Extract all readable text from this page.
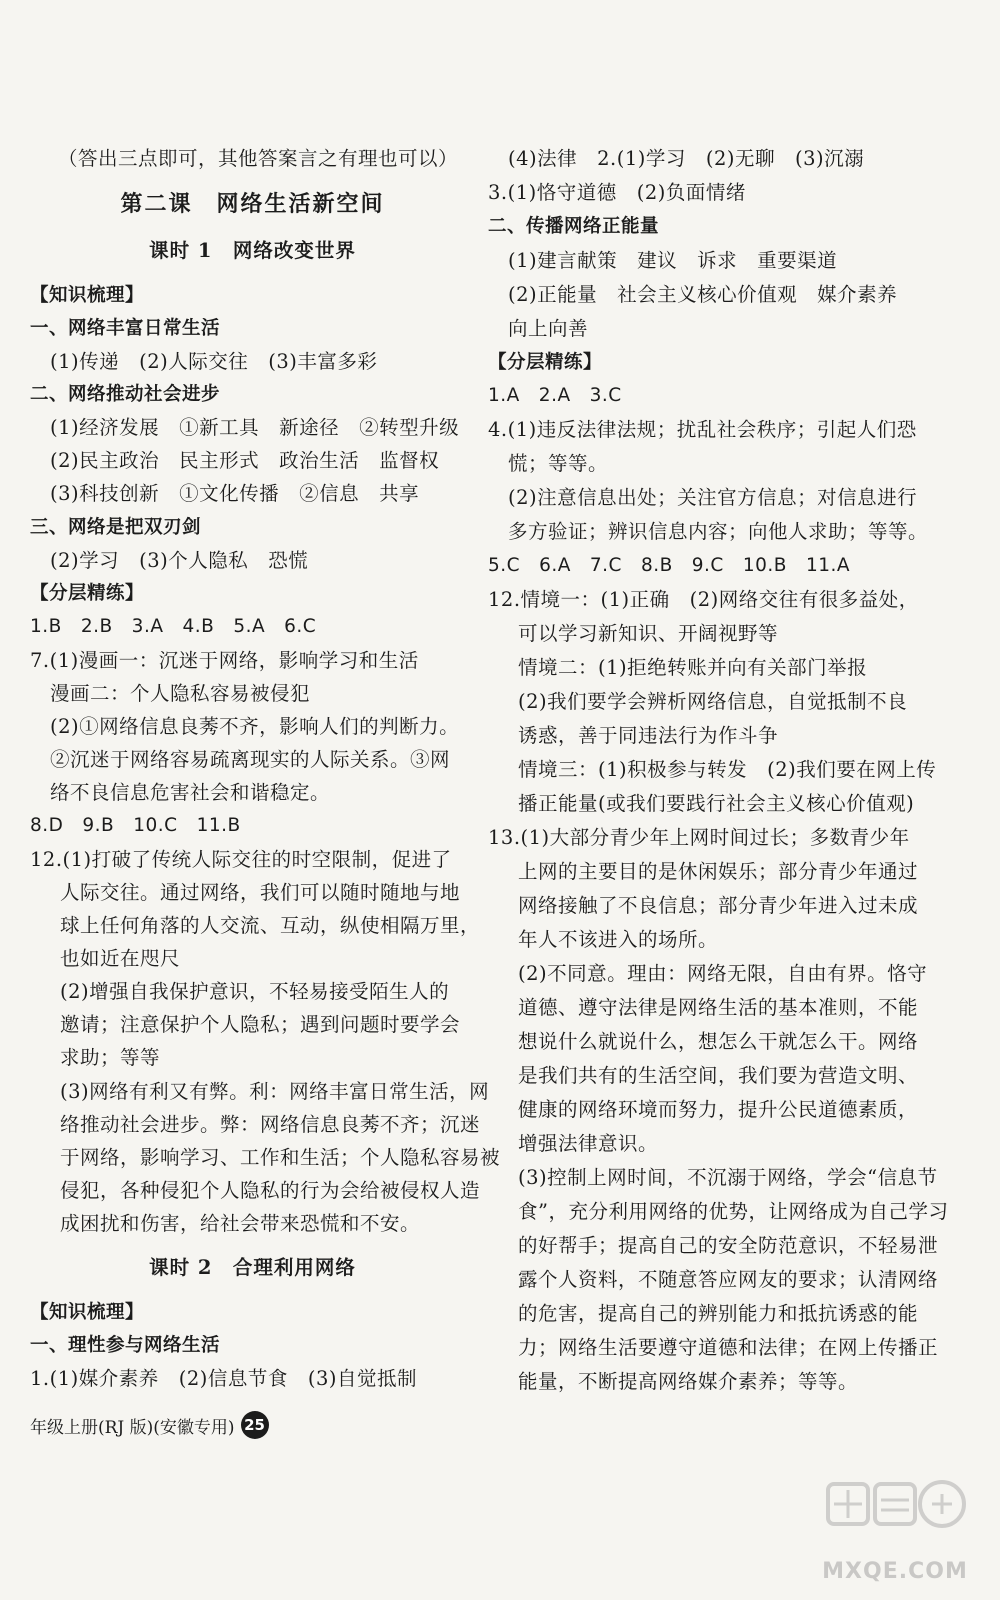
（答出三点即可，其他答案言之有理也可以）
第二课　网络生活新空间
课时 1　网络改变世界
【知识梳理】
一、网络丰富日常生活
(1)传递　(2)人际交往　(3)丰富多彩
二、网络推动社会进步
(1)经济发展　①新工具　新途径　②转型升级
(2)民主政治　民主形式　政治生活　监督权
(3)科技创新　①文化传播　②信息　共享
三、网络是把双刃剑
(2)学习　(3)个人隐私　恐慌
【分层精练】
1.B　2.B　3.A　4.B　5.A　6.C
7.(1)漫画一：沉迷于网络，影响学习和生活
漫画二：个人隐私容易被侵犯
(2)①网络信息良莠不齐，影响人们的判断力。
②沉迷于网络容易疏离现实的人际关系。③网
络不良信息危害社会和谐稳定。
8.D　9.B　10.C　11.B
12.(1)打破了传统人际交往的时空限制，促进了
人际交往。通过网络，我们可以随时随地与地
球上任何角落的人交流、互动，纵使相隔万里，
也如近在咫尺
(2)增强自我保护意识，不轻易接受陌生人的
邀请；注意保护个人隐私；遇到问题时要学会
求助；等等
(3)网络有利又有弊。利：网络丰富日常生活，网
络推动社会进步。弊：网络信息良莠不齐；沉迷
于网络，影响学习、工作和生活；个人隐私容易被
侵犯，各种侵犯个人隐私的行为会给被侵权人造
成困扰和伤害，给社会带来恐慌和不安。
课时 2　合理利用网络
【知识梳理】
一、理性参与网络生活
1.(1)媒介素养　(2)信息节食　(3)自觉抵制
年级上册(RJ 版)(安徽专用) 25
(4)法律　2.(1)学习　(2)无聊　(3)沉溺
3.(1)恪守道德　(2)负面情绪
二、传播网络正能量
(1)建言献策　建议　诉求　重要渠道
(2)正能量　社会主义核心价值观　媒介素养
向上向善
【分层精练】
1.A　2.A　3.C
4.(1)违反法律法规；扰乱社会秩序；引起人们恐
慌；等等。
(2)注意信息出处；关注官方信息；对信息进行
多方验证；辨识信息内容；向他人求助；等等。
5.C　6.A　7.C　8.B　9.C　10.B　11.A
12.情境一：(1)正确　(2)网络交往有很多益处，
可以学习新知识、开阔视野等
情境二：(1)拒绝转账并向有关部门举报
(2)我们要学会辨析网络信息，自觉抵制不良
诱惑，善于同违法行为作斗争
情境三：(1)积极参与转发　(2)我们要在网上传
播正能量(或我们要践行社会主义核心价值观)
13.(1)大部分青少年上网时间过长；多数青少年
上网的主要目的是休闲娱乐；部分青少年通过
网络接触了不良信息；部分青少年进入过未成
年人不该进入的场所。
(2)不同意。理由：网络无限，自由有界。恪守
道德、遵守法律是网络生活的基本准则，不能
想说什么就说什么，想怎么干就怎么干。网络
是我们共有的生活空间，我们要为营造文明、
健康的网络环境而努力，提升公民道德素质，
增强法律意识。
(3)控制上网时间，不沉溺于网络，学会“信息节
食”，充分利用网络的优势，让网络成为自己学习
的好帮手；提高自己的安全防范意识，不轻易泄
露个人资料，不随意答应网友的要求；认清网络
的危害，提高自己的辨别能力和抵抗诱惑的能
力；网络生活要遵守道德和法律；在网上传播正
能量，不断提高网络媒介素养；等等。
MXQE.COM
